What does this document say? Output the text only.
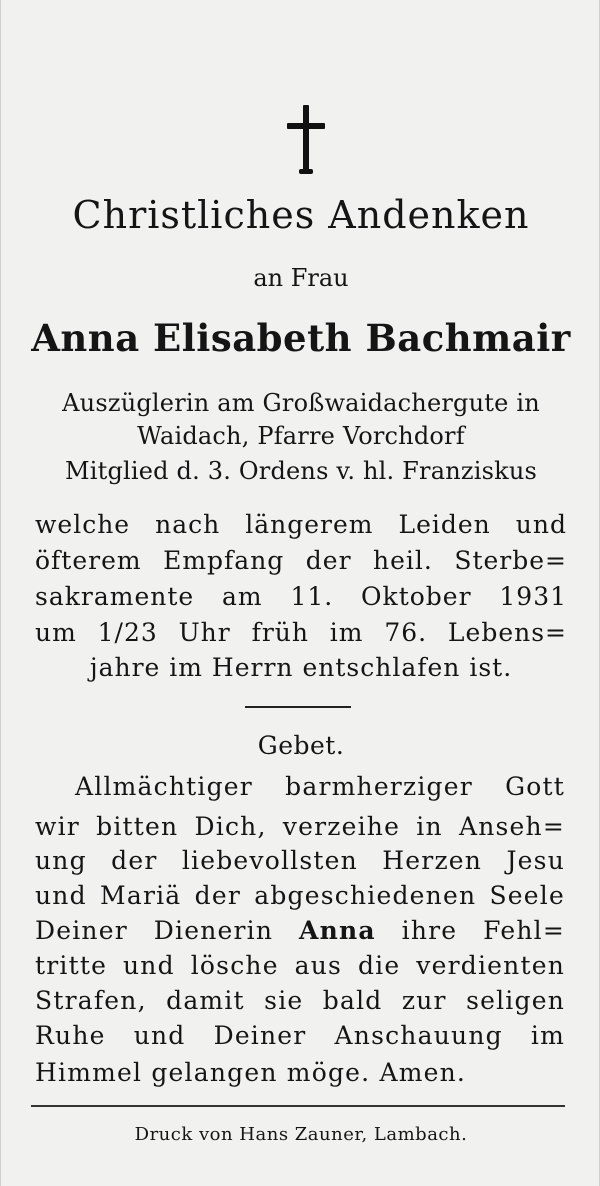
Christliches Andenken
an Frau
Anna Elisabeth Bachmair
Auszüglerin am Großwaidachergute in
Waidach, Pfarre Vorchdorf
Mitglied d. 3. Ordens v. hl. Franziskus
welche nach längerem Leiden und
öfterem Empfang der heil. Sterbe=
sakramente am 11. Oktober 1931
um 1/23 Uhr früh im 76. Lebens=
jahre im Herrn entschlafen ist.
Gebet.
Allmächtiger barmherziger Gott
wir bitten Dich, verzeihe in Anseh=
ung der liebevollsten Herzen Jesu
und Mariä der abgeschiedenen Seele
Deiner Dienerin Anna ihre Fehl=
tritte und lösche aus die verdienten
Strafen, damit sie bald zur seligen
Ruhe und Deiner Anschauung im
Himmel gelangen möge. Amen.
Druck von Hans Zauner, Lambach.
